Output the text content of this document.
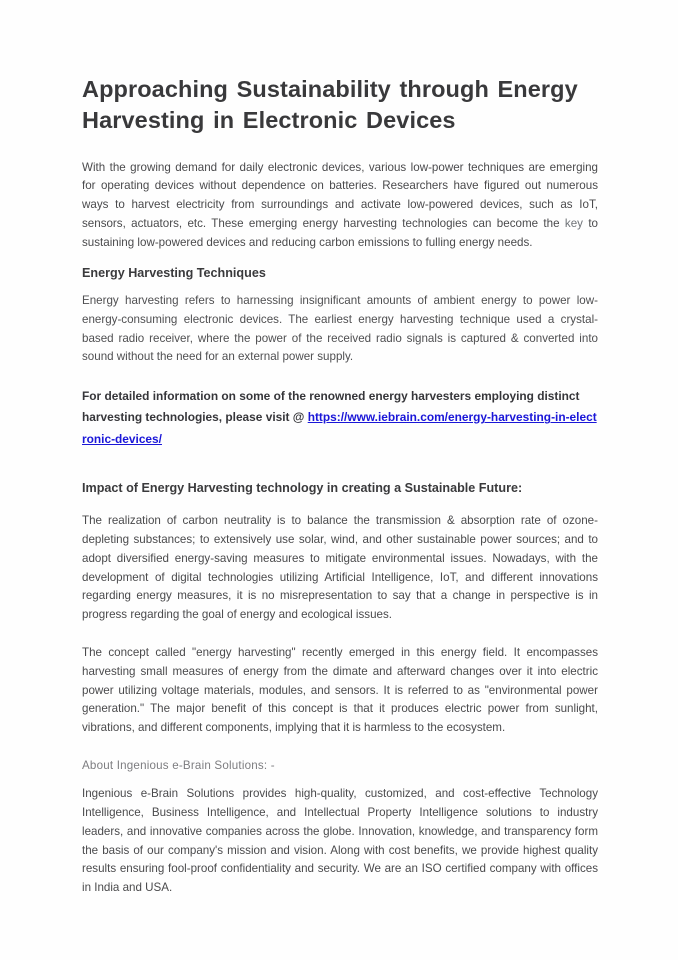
Approaching Sustainability through Energy Harvesting in Electronic Devices

With the growing demand for daily electronic devices, various low-power techniques are emerging for operating devices without dependence on batteries. Researchers have figured out numerous ways to harvest electricity from surroundings and activate low-powered devices, such as IoT, sensors, actuators, etc. These emerging energy harvesting technologies can become the key to sustaining low-powered devices and reducing carbon emissions to fulling energy needs.

Energy Harvesting Techniques

Energy harvesting refers to harnessing insignificant amounts of ambient energy to power low-energy-consuming electronic devices. The earliest energy harvesting technique used a crystal-based radio receiver, where the power of the received radio signals is captured & converted into sound without the need for an external power supply.

For detailed information on some of the renowned energy harvesters employing distinct harvesting technologies, please visit @ https://www.iebrain.com/energy-harvesting-in-electronic-devices/

Impact of Energy Harvesting technology in creating a Sustainable Future:

The realization of carbon neutrality is to balance the transmission & absorption rate of ozone-depleting substances; to extensively use solar, wind, and other sustainable power sources; and to adopt diversified energy-saving measures to mitigate environmental issues. Nowadays, with the development of digital technologies utilizing Artificial Intelligence, IoT, and different innovations regarding energy measures, it is no misrepresentation to say that a change in perspective is in progress regarding the goal of energy and ecological issues.

The concept called "energy harvesting" recently emerged in this energy field. It encompasses harvesting small measures of energy from the dimate and afterward changes over it into electric power utilizing voltage materials, modules, and sensors. It is referred to as "environmental power generation." The major benefit of this concept is that it produces electric power from sunlight, vibrations, and different components, implying that it is harmless to the ecosystem.

About Ingenious e-Brain Solutions: -

Ingenious e-Brain Solutions provides high-quality, customized, and cost-effective Technology Intelligence, Business Intelligence, and Intellectual Property Intelligence solutions to industry leaders, and innovative companies across the globe. Innovation, knowledge, and transparency form the basis of our company's mission and vision. Along with cost benefits, we provide highest quality results ensuring fool-proof confidentiality and security. We are an ISO certified company with offices in India and USA.
